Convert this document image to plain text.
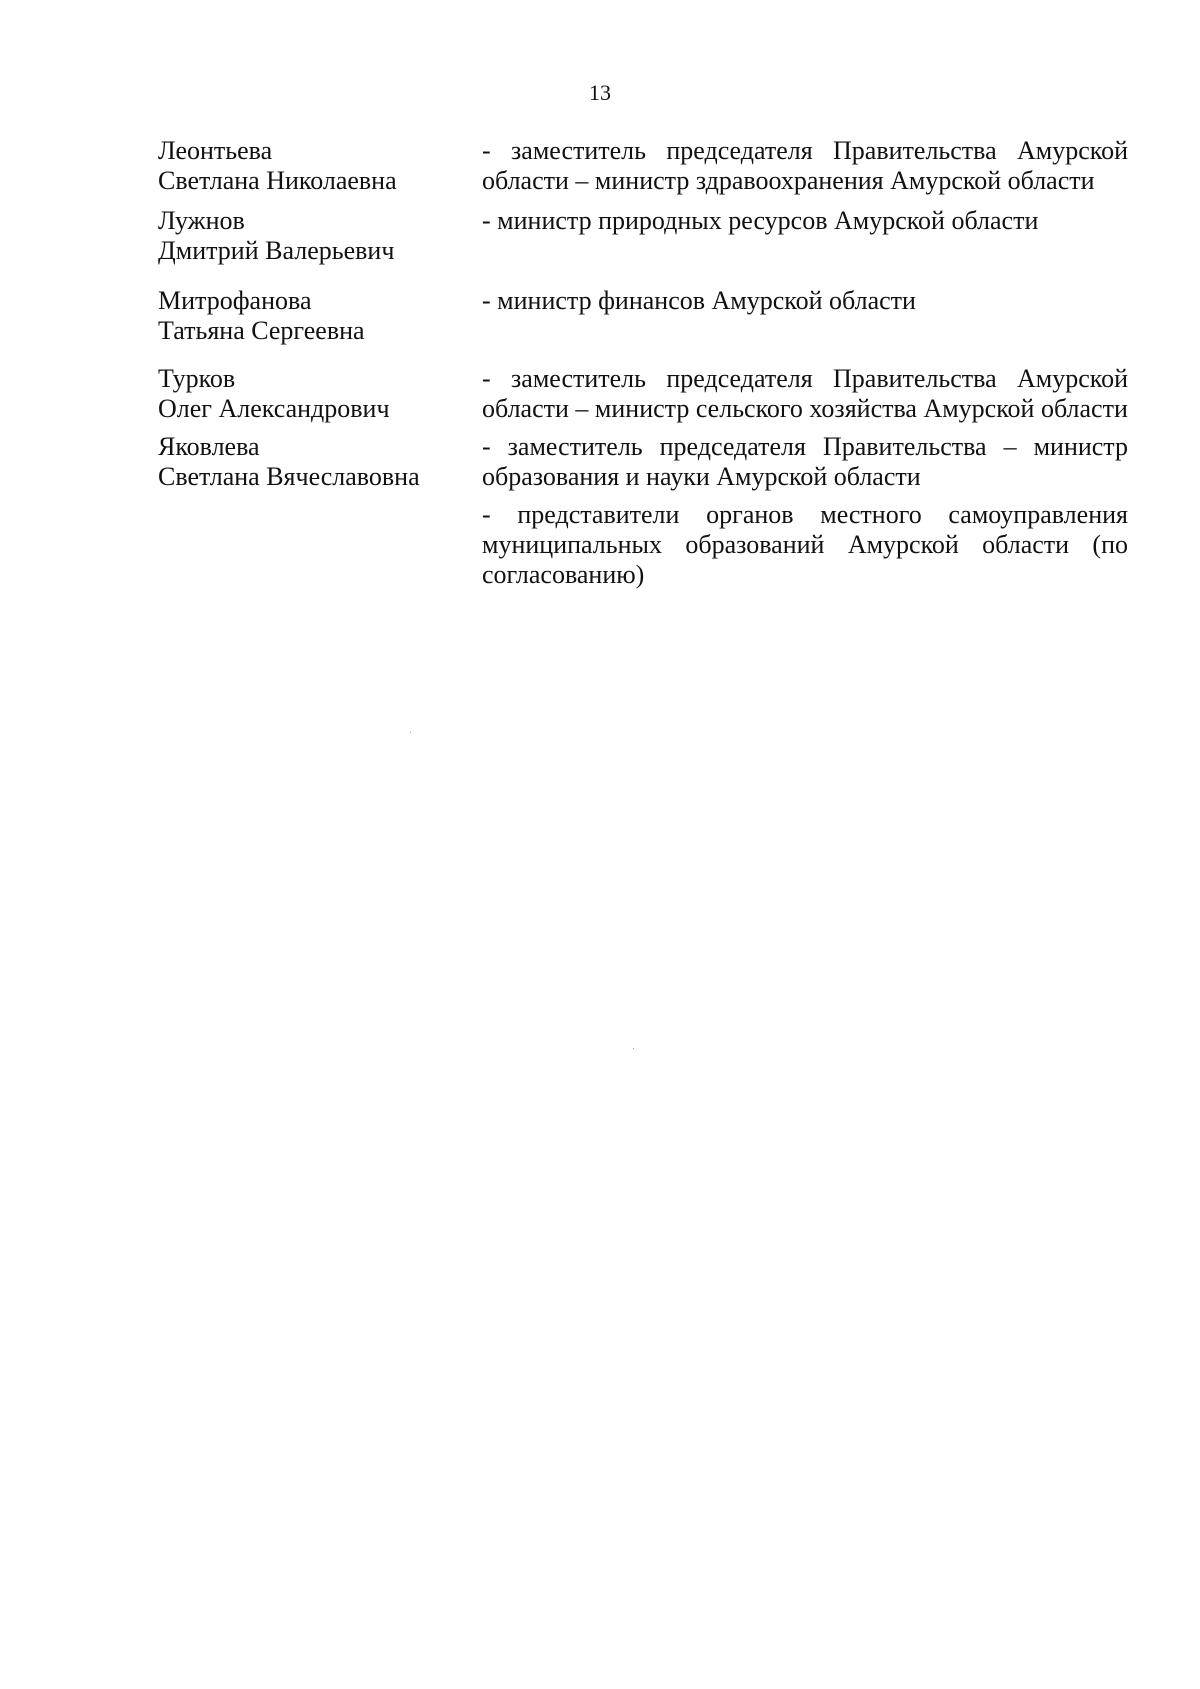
13
Леонтьева
Светлана Николаевна
- заместитель председателя Правительства Амурской области – министр здравоохранения Амурской области
Лужнов
Дмитрий Валерьевич
- министр природных ресурсов Амурской области
Митрофанова
Татьяна Сергеевна
- министр финансов Амурской области
Турков
Олег Александрович
- заместитель председателя Правительства Амурской области – министр сельского хозяйства Амурской области
Яковлева
Светлана Вячеславовна
- заместитель председателя Правительства – министр образования и науки Амурской области
- представители органов местного самоуправления муниципальных образований Амурской области (по согласованию)
